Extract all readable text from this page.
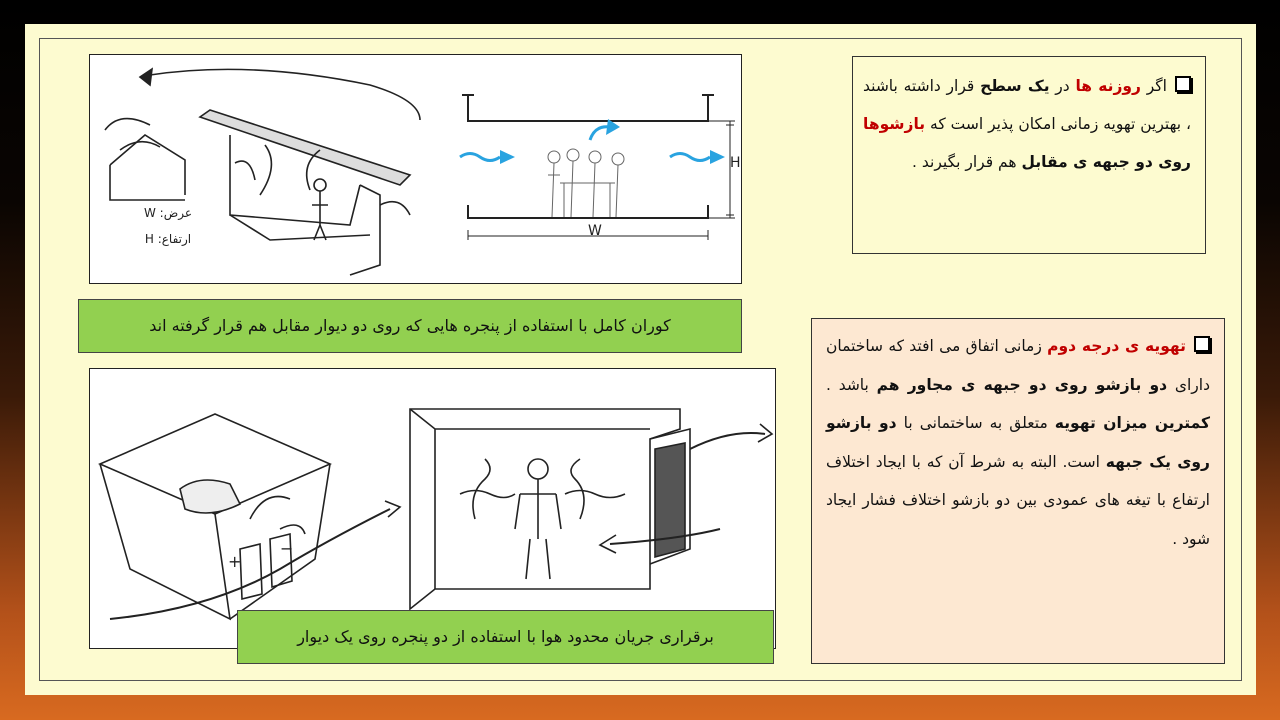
عرض: W
ارتفاع: H
H
W
کوران کامل با استفاده از پنجره هایی که روی دو دیوار مقابل هم قرار گرفته اند
+
−
برقراری جریان محدود هوا با استفاده از دو پنجره روی یک دیوار
اگر روزنه ها در یک سطح قرار داشته باشند ، بهترین تهویه زمانی امکان پذیر است که بازشوها روی دو جبهه ی مقابل هم قرار بگیرند .
تهویه ی درجه دوم زمانی اتفاق می افتد که ساختمان دارای دو بازشو روی دو جبهه ی مجاور هم باشد . کمترین میزان تهویه متعلق به ساختمانی با دو بازشو روی یک جبهه است. البته به شرط آن که با ایجاد اختلاف ارتفاع با تیغه های عمودی بین دو بازشو اختلاف فشار ایجاد شود .
